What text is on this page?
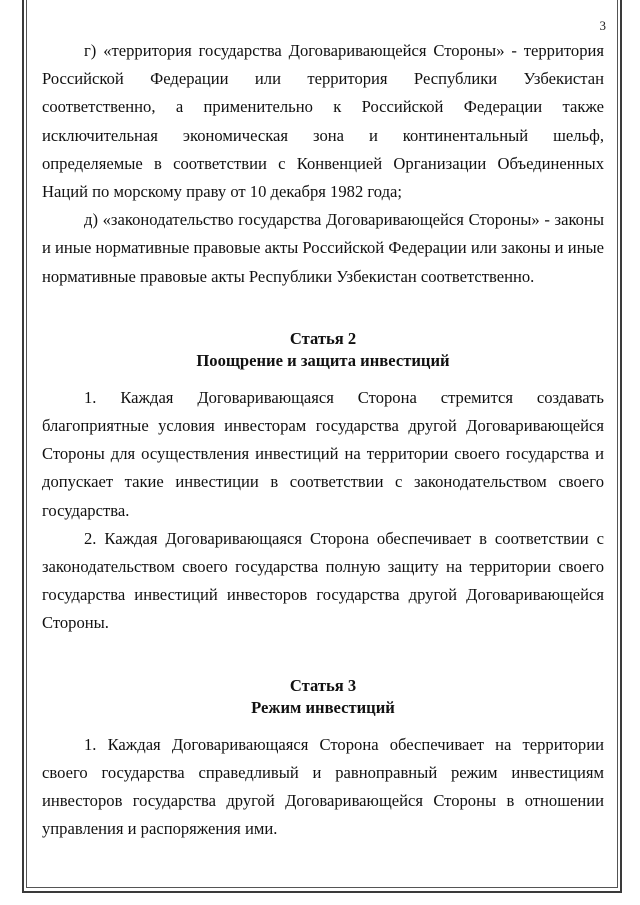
3

г) «территория государства Договаривающейся Стороны» - территория Российской Федерации или территория Республики Узбекистан соответственно, а применительно к Российской Федерации также исключительная экономическая зона и континентальный шельф, определяемые в соответствии с Конвенцией Организации Объединенных Наций по морскому праву от 10 декабря 1982 года;

д) «законодательство государства Договаривающейся Стороны» - законы и иные нормативные правовые акты Российской Федерации или законы и иные нормативные правовые акты Республики Узбекистан соответственно.

Статья 2

Поощрение и защита инвестиций

1. Каждая Договаривающаяся Сторона стремится создавать благоприятные условия инвесторам государства другой Договаривающейся Стороны для осуществления инвестиций на территории своего государства и допускает такие инвестиции в соответствии с законодательством своего государства.

2. Каждая Договаривающаяся Сторона обеспечивает в соответствии с законодательством своего государства полную защиту на территории своего государства инвестиций инвесторов государства другой Договаривающейся Стороны.

Статья 3

Режим инвестиций

1. Каждая Договаривающаяся Сторона обеспечивает на территории своего государства справедливый и равноправный режим инвестициям инвесторов государства другой Договаривающейся Стороны в отношении управления и распоряжения ими.
